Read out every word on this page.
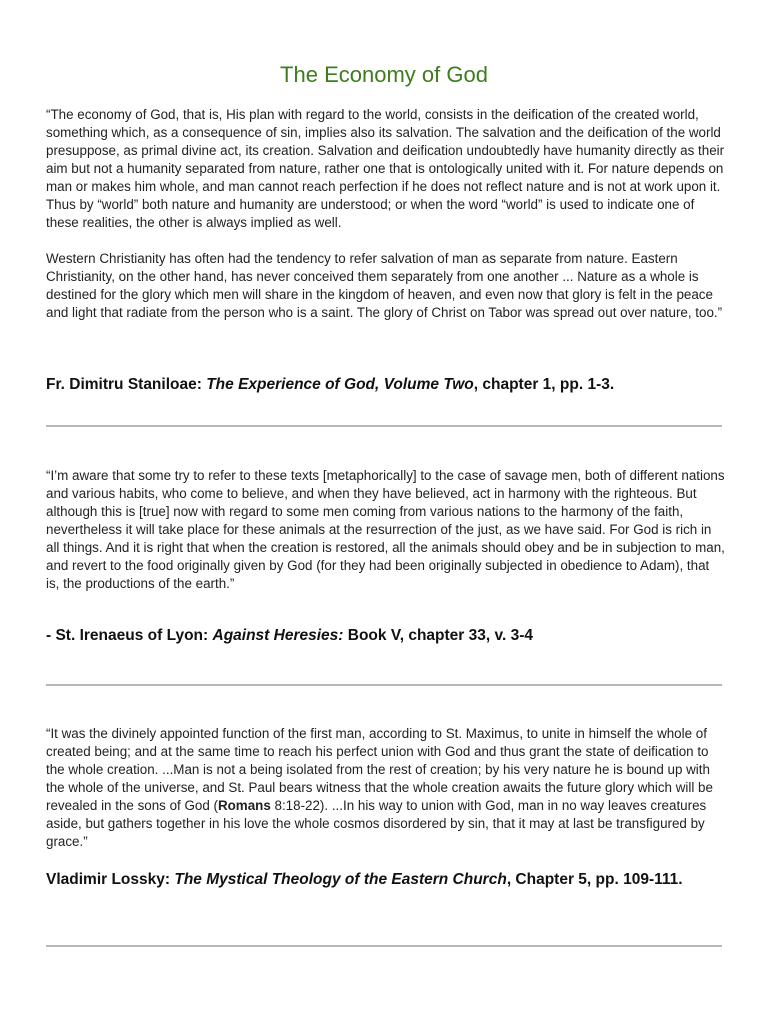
The Economy of God

“The economy of God, that is, His plan with regard to the world, consists in the deification of the created world, something which, as a consequence of sin, implies also its salvation. The salvation and the deification of the world presuppose, as primal divine act, its creation. Salvation and deification undoubtedly have humanity directly as their aim but not a humanity separated from nature, rather one that is ontologically united with it. For nature depends on man or makes him whole, and man cannot reach perfection if he does not reflect nature and is not at work upon it. Thus by “world” both nature and humanity are understood; or when the word “world” is used to indicate one of these realities, the other is always implied as well.

Western Christianity has often had the tendency to refer salvation of man as separate from nature. Eastern Christianity, on the other hand, has never conceived them separately from one another ... Nature as a whole is destined for the glory which men will share in the kingdom of heaven, and even now that glory is felt in the peace and light that radiate from the person who is a saint. The glory of Christ on Tabor was spread out over nature, too.”

Fr. Dimitru Staniloae: The Experience of God, Volume Two, chapter 1, pp. 1-3.

“I’m aware that some try to refer to these texts [metaphorically] to the case of savage men, both of different nations and various habits, who come to believe, and when they have believed, act in harmony with the righteous. But although this is [true] now with regard to some men coming from various nations to the harmony of the faith, nevertheless it will take place for these animals at the resurrection of the just, as we have said. For God is rich in all things. And it is right that when the creation is restored, all the animals should obey and be in subjection to man, and revert to the food originally given by God (for they had been originally subjected in obedience to Adam), that is, the productions of the earth.”

- St. Irenaeus of Lyon: Against Heresies: Book V, chapter 33, v. 3-4

“It was the divinely appointed function of the first man, according to St. Maximus, to unite in himself the whole of created being; and at the same time to reach his perfect union with God and thus grant the state of deification to the whole creation. ...Man is not a being isolated from the rest of creation; by his very nature he is bound up with the whole of the universe, and St. Paul bears witness that the whole creation awaits the future glory which will be revealed in the sons of God (Romans 8:18-22). ...In his way to union with God, man in no way leaves creatures aside, but gathers together in his love the whole cosmos disordered by sin, that it may at last be transfigured by grace.”

Vladimir Lossky: The Mystical Theology of the Eastern Church, Chapter 5, pp. 109-111.
